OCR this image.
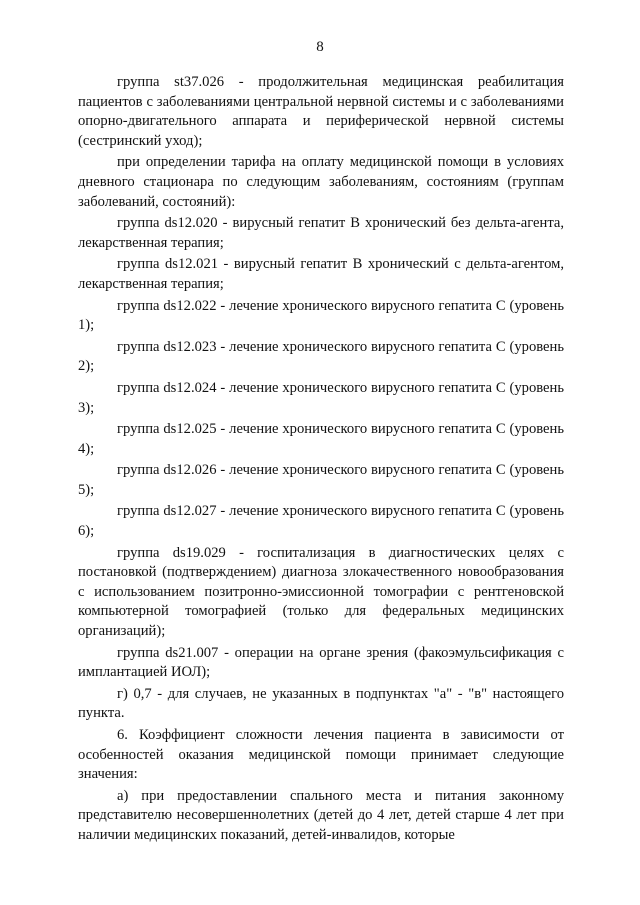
8

группа st37.026 - продолжительная медицинская реабилитация пациентов с заболеваниями центральной нервной системы и с заболеваниями опорно-двигательного аппарата и периферической нервной системы (сестринский уход);

при определении тарифа на оплату медицинской помощи в условиях дневного стационара по следующим заболеваниям, состояниям (группам заболеваний, состояний):

группа ds12.020 - вирусный гепатит В хронический без дельта-агента, лекарственная терапия;

группа ds12.021 - вирусный гепатит В хронический с дельта-агентом, лекарственная терапия;

группа ds12.022 - лечение хронического вирусного гепатита С (уровень 1);

группа ds12.023 - лечение хронического вирусного гепатита С (уровень 2);

группа ds12.024 - лечение хронического вирусного гепатита С (уровень 3);

группа ds12.025 - лечение хронического вирусного гепатита С (уровень 4);

группа ds12.026 - лечение хронического вирусного гепатита С (уровень 5);

группа ds12.027 - лечение хронического вирусного гепатита С (уровень 6);

группа ds19.029 - госпитализация в диагностических целях с постановкой (подтверждением) диагноза злокачественного новообразования с использованием позитронно-эмиссионной томографии с рентгеновской компьютерной томографией (только для федеральных медицинских организаций);

группа ds21.007 - операции на органе зрения (факоэмульсификация с имплантацией ИОЛ);

г) 0,7 - для случаев, не указанных в подпунктах "а" - "в" настоящего пункта.

6. Коэффициент сложности лечения пациента в зависимости от особенностей оказания медицинской помощи принимает следующие значения:

а) при предоставлении спального места и питания законному представителю несовершеннолетних (детей до 4 лет, детей старше 4 лет при наличии медицинских показаний, детей-инвалидов, которые
